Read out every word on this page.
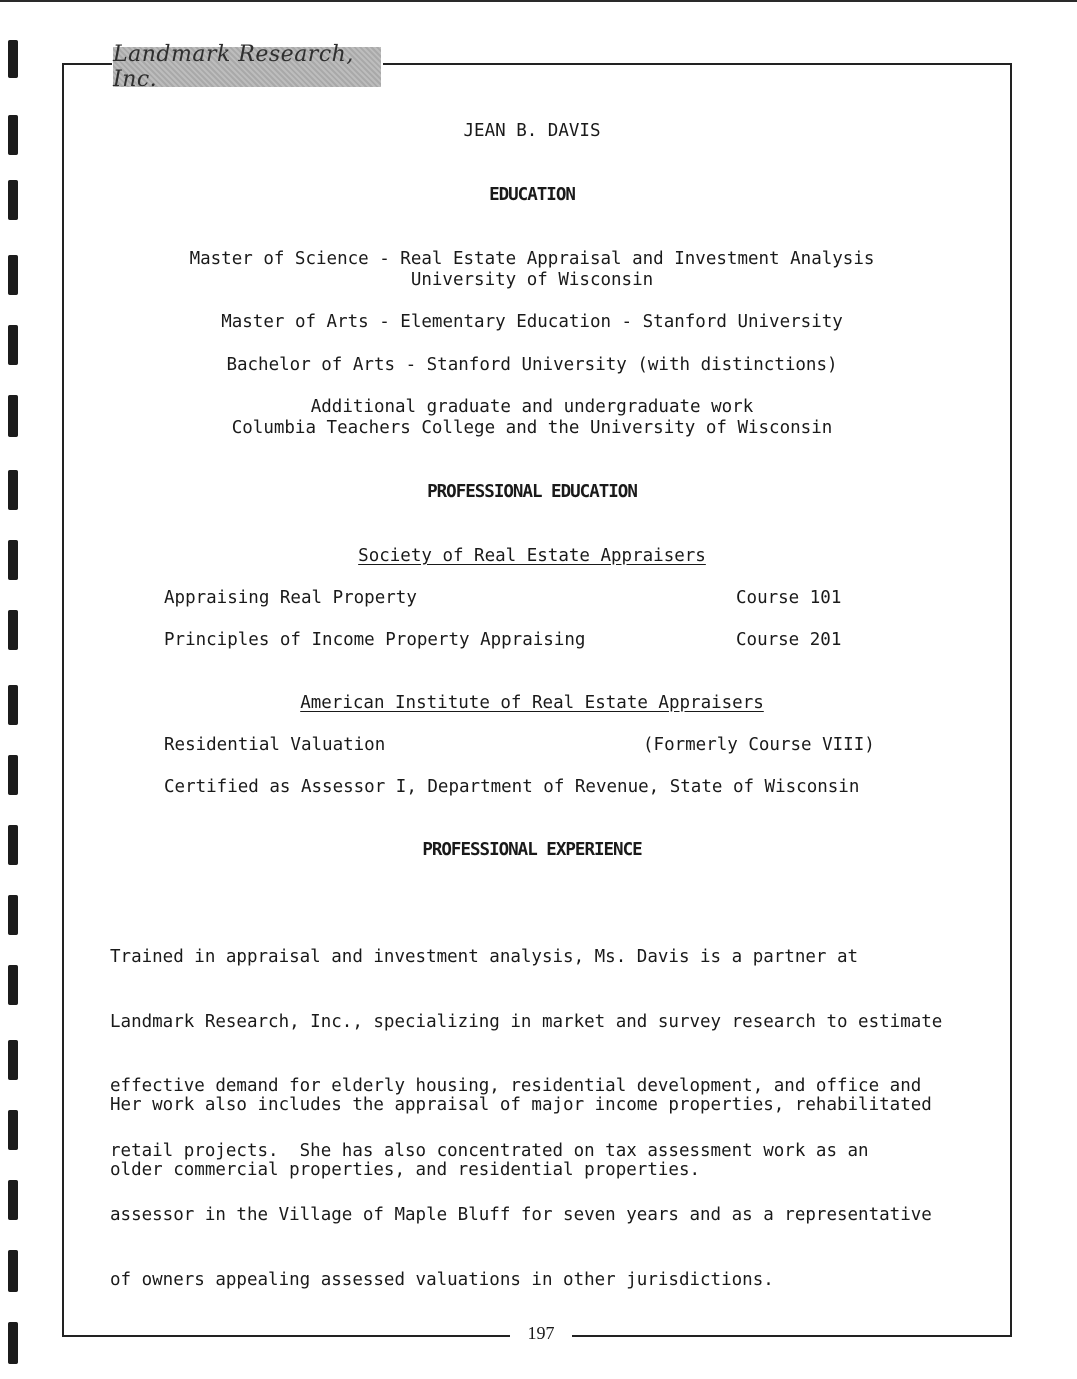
Landmark Research, Inc.
JEAN B. DAVIS
EDUCATION
Master of Science - Real Estate Appraisal and Investment Analysis
University of Wisconsin
Master of Arts - Elementary Education - Stanford University
Bachelor of Arts - Stanford University (with distinctions)
Additional graduate and undergraduate work
Columbia Teachers College and the University of Wisconsin
PROFESSIONAL EDUCATION
Society of Real Estate Appraisers
Appraising Real Property	Course 101
Principles of Income Property Appraising	Course 201
American Institute of Real Estate Appraisers
Residential Valuation	(Formerly Course VIII)
Certified as Assessor I, Department of Revenue, State of Wisconsin
PROFESSIONAL EXPERIENCE

Trained in appraisal and investment analysis, Ms. Davis is a partner at

Landmark Research, Inc., specializing in market and survey research to estimate

effective demand for elderly housing, residential development, and office and

retail projects.  She has also concentrated on tax assessment work as an

assessor in the Village of Maple Bluff for seven years and as a representative

of owners appealing assessed valuations in other jurisdictions.

Her work also includes the appraisal of major income properties, rehabilitated

older commercial properties, and residential properties.

197
